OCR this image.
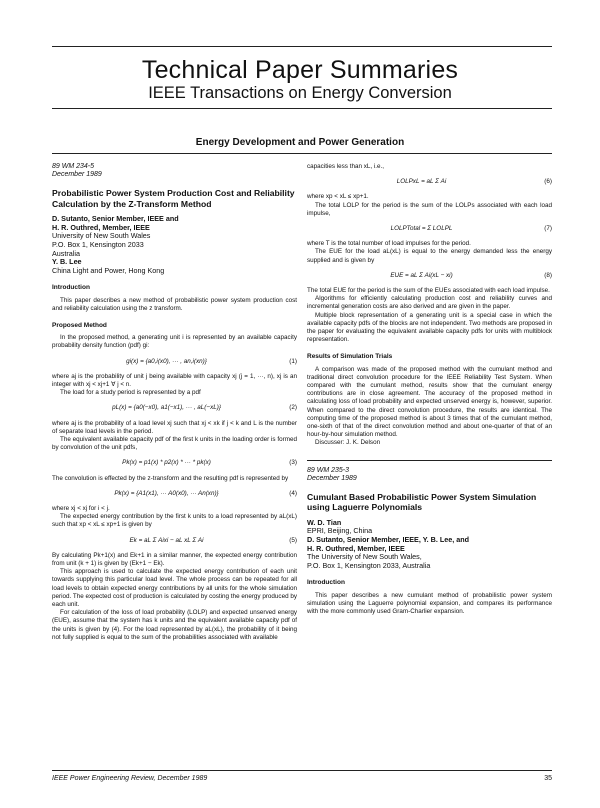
Technical Paper Summaries
IEEE Transactions on Energy Conversion
Energy Development and Power Generation
89 WM 234-5
December 1989
Probabilistic Power System Production Cost and Reliability Calculation by the Z-Transform Method
D. Sutanto, Senior Member, IEEE and
H. R. Outhred, Member, IEEE
University of New South Wales
P.O. Box 1, Kensington 2033
Australia
Y. B. Lee
China Light and Power, Hong Kong
Introduction

This paper describes a new method of probabilistic power system production cost and reliability calculation using the z transform.

Proposed Method

In the proposed method, a generating unit i is represented by an available capacity probability density function (pdf) gi:

gi(x) = {a0,i(x0), ··· , an,i(xn)}	(1)

where aj is the probability of unit j being available with capacity xj (j = 1, ···, n), xj is an integer with xj < xj+1 ∀ j < n.

The load for a study period is represented by a pdf

pL(x) = {a0(−x0), a1(−x1), ··· , aL(−xL)}	(2)

where aj is the probability of a load level xj such that xj < xk if j < k and L is the number of separate load levels in the period.

The equivalent available capacity pdf of the first k units in the loading order is formed by convolution of the unit pdfs,

Pk(x) = p1(x) * p2(x) * ··· * pk(x)	(3)

The convolution is effected by the z-transform and the resulting pdf is represented by

Pk(x) = {A1(x1), ··· A0(x0), ··· An(xn)}	(4)

where xj < xj for i < j.

The expected energy contribution by the first k units to a load represented by aL(xL) such that xp < xL ≤ xp+1 is given by

Ek = aL Σ Aixi − aL xL Σ Ai	(5)

By calculating Pk+1(x) and Ek+1 in a similar manner, the expected energy contribution from unit (k + 1) is given by (Ek+1 − Ek).

This approach is used to calculate the expected energy contribution of each unit towards supplying this particular load level. The whole process can be repeated for all load levels to obtain expected energy contributions by all units for the whole simulation period. The expected cost of production is calculated by costing the energy produced by each unit.

For calculation of the loss of load probability (LOLP) and expected unserved energy (EUE), assume that the system has k units and the equivalent available capacity pdf of the units is given by (4). For the load represented by aL(xL), the probability of it being not fully supplied is equal to the sum of the probabilities associated with available

capacities less than xL, i.e.,

LOLPxL = aL Σ Ai	(6)

where xp < xL ≤ xp+1.

The total LOLP for the period is the sum of the LOLPs associated with each load impulse,

LOLPTotal = Σ LOLPL	(7)

where T is the total number of load impulses for the period.

The EUE for the load aL(xL) is equal to the energy demanded less the energy supplied and is given by

EUE = aL Σ Ai(xL − xi)	(8)

The total EUE for the period is the sum of the EUEs associated with each load impulse.

Algorithms for efficiently calculating production cost and reliability curves and incremental generation costs are also derived and are given in the paper.

Multiple block representation of a generating unit is a special case in which the available capacity pdfs of the blocks are not independent. Two methods are proposed in the paper for evaluating the equivalent available capacity pdfs for units with multiblock representation.

Results of Simulation Trials

A comparison was made of the proposed method with the cumulant method and traditional direct convolution procedure for the IEEE Reliability Test System. When compared with the cumulant method, results show that the cumulant energy contributions are in close agreement. The accuracy of the proposed method in calculating loss of load probability and expected unserved energy is, however, superior. When compared to the direct convolution procedure, the results are identical. The computing time of the proposed method is about 3 times that of the cumulant method, one-sixth of that of the direct convolution method and about one-quarter of that of an hour-by-hour simulation method.

Discusser: J. K. Delson

89 WM 235-3
December 1989
Cumulant Based Probabilistic Power System Simulation using Laguerre Polynomials
W. D. Tian
EPRI, Beijing, China
D. Sutanto, Senior Member, IEEE, Y. B. Lee, and
H. R. Outhred, Member, IEEE
The University of New South Wales,
P.O. Box 1, Kensington 2033, Australia
Introduction

This paper describes a new cumulant method of probabilistic power system simulation using the Laguerre polynomial expansion, and compares its performance with the more commonly used Gram-Charlier expansion.

IEEE Power Engineering Review, December 1989	35
